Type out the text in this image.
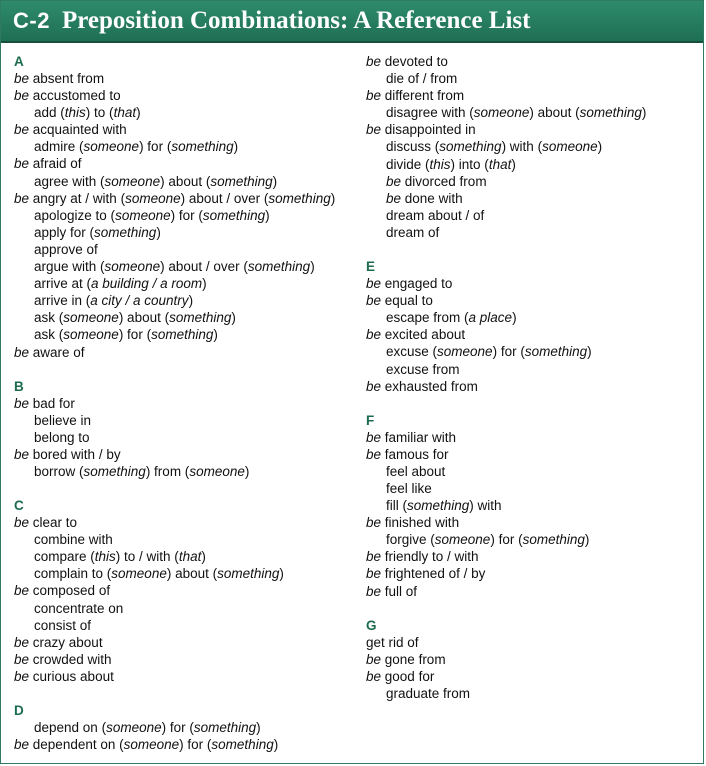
C-2 Preposition Combinations: A Reference List
A
be absent from
be accustomed to
add (this) to (that)
be acquainted with
admire (someone) for (something)
be afraid of
agree with (someone) about (something)
be angry at / with (someone) about / over (something)
apologize to (someone) for (something)
apply for (something)
approve of
argue with (someone) about / over (something)
arrive at (a building / a room)
arrive in (a city / a country)
ask (someone) about (something)
ask (someone) for (something)
be aware of
B
be bad for
believe in
belong to
be bored with / by
borrow (something) from (someone)
C
be clear to
combine with
compare (this) to / with (that)
complain to (someone) about (something)
be composed of
concentrate on
consist of
be crazy about
be crowded with
be curious about
D
depend on (someone) for (something)
be dependent on (someone) for (something)
be devoted to
die of / from
be different from
disagree with (someone) about (something)
be disappointed in
discuss (something) with (someone)
divide (this) into (that)
be divorced from
be done with
dream about / of
dream of
E
be engaged to
be equal to
escape from (a place)
be excited about
excuse (someone) for (something)
excuse from
be exhausted from
F
be familiar with
be famous for
feel about
feel like
fill (something) with
be finished with
forgive (someone) for (something)
be friendly to / with
be frightened of / by
be full of
G
get rid of
be gone from
be good for
graduate from
